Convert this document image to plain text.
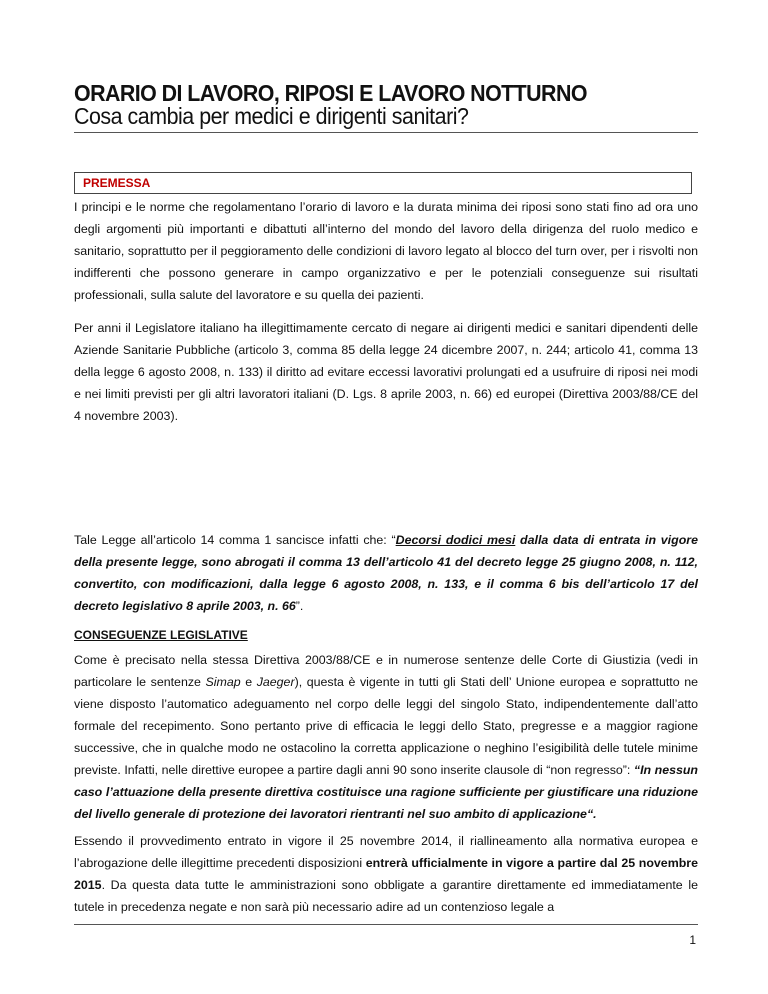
ORARIO DI LAVORO, RIPOSI E LAVORO NOTTURNO
Cosa cambia per medici e dirigenti sanitari?
PREMESSA

I principi e le norme che regolamentano l’orario di lavoro e la durata minima dei riposi sono stati fino ad ora uno degli argomenti più importanti e dibattuti all’interno del mondo del lavoro della dirigenza del ruolo medico e sanitario, soprattutto per il peggioramento delle condizioni di lavoro legato al blocco del turn over, per i risvolti non indifferenti che possono generare in campo organizzativo e per le potenziali conseguenze sui risultati professionali, sulla salute del lavoratore e su quella dei pazienti.

Per anni il Legislatore italiano ha illegittimamente cercato di negare ai dirigenti medici e sanitari dipendenti delle Aziende Sanitarie Pubbliche (articolo 3, comma 85 della legge 24 dicembre 2007, n. 244; articolo 41, comma 13 della legge 6 agosto 2008, n. 133) il diritto ad evitare eccessi lavorativi prolungati ed a usufruire di riposi nei modi e nei limiti previsti per gli altri lavoratori italiani (D. Lgs. 8 aprile 2003, n. 66) ed europei (Direttiva 2003/88/CE del 4 novembre 2003).

Tale Legge all’articolo 14 comma 1 sancisce infatti che: “Decorsi dodici mesi dalla data di entrata in vigore della presente legge, sono abrogati il comma 13 dell’articolo 41 del decreto legge 25 giugno 2008, n. 112, convertito, con modificazioni, dalla legge 6 agosto 2008, n. 133, e il comma 6 bis dell’articolo 17 del decreto legislativo 8 aprile 2003, n. 66”.

CONSEGUENZE LEGISLATIVE

Come è precisato nella stessa Direttiva 2003/88/CE e in numerose sentenze delle Corte di Giustizia (vedi in particolare le sentenze Simap e Jaeger), questa è vigente in tutti gli Stati dell’ Unione europea e soprattutto ne viene disposto l’automatico adeguamento nel corpo delle leggi del singolo Stato, indipendentemente dall’atto formale del recepimento. Sono pertanto prive di efficacia le leggi dello Stato, pregresse e a maggior ragione successive, che in qualche modo ne ostacolino la corretta applicazione o neghino l’esigibilità delle tutele minime previste. Infatti, nelle direttive europee a partire dagli anni 90 sono inserite clausole di “non regresso”: “In nessun caso l’attuazione della presente direttiva costituisce una ragione sufficiente per giustificare una riduzione del livello generale di protezione dei lavoratori rientranti nel suo ambito di applicazione“.

Essendo il provvedimento entrato in vigore il 25 novembre 2014, il riallineamento alla normativa europea e l’abrogazione delle illegittime precedenti disposizioni entrerà ufficialmente in vigore a partire dal 25 novembre 2015. Da questa data tutte le amministrazioni sono obbligate a garantire direttamente ed immediatamente le tutele in precedenza negate e non sarà più necessario adire ad un contenzioso legale a

1
